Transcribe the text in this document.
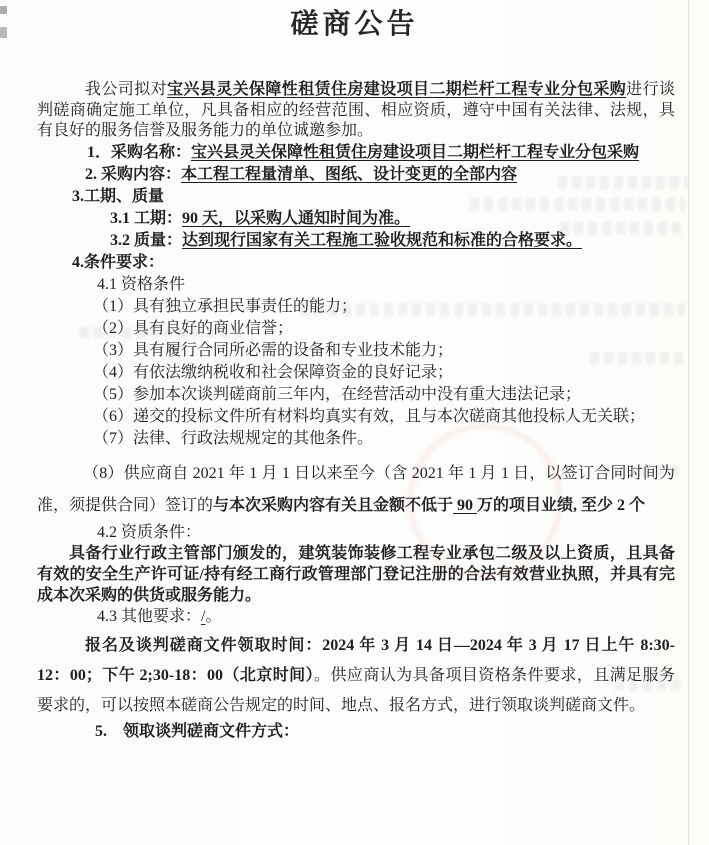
磋商公告

我公司拟对宝兴县灵关保障性租赁住房建设项目二期栏杆工程专业分包采购进行谈判磋商确定施工单位，凡具备相应的经营范围、相应资质，遵守中国有关法律、法规，具有良好的服务信誉及服务能力的单位诚邀参加。

1．采购名称：宝兴县灵关保障性租赁住房建设项目二期栏杆工程专业分包采购
2. 采购内容：本工程工程量清单、图纸、设计变更的全部内容
3.工期、质量
3.1 工期：90 天，以采购人通知时间为准。
3.2 质量：达到现行国家有关工程施工验收规范和标准的合格要求。
4.条件要求：
4.1 资格条件
（1）具有独立承担民事责任的能力；
（2）具有良好的商业信誉；
（3）具有履行合同所必需的设备和专业技术能力；
（4）有依法缴纳税收和社会保障资金的良好记录；
（5）参加本次谈判磋商前三年内，在经营活动中没有重大违法记录；
（6）递交的投标文件所有材料均真实有效，且与本次磋商其他投标人无关联；
（7）法律、行政法规规定的其他条件。

（8）供应商自 2021 年 1 月 1 日以来至今（含 2021 年 1 月 1 日，以签订合同时间为准，须提供合同）签订的与本次采购内容有关且金额不低于 90 万的项目业绩, 至少 2 个

4.2 资质条件：

具备行业行政主管部门颁发的，建筑装饰装修工程专业承包二级及以上资质，且具备有效的安全生产许可证/持有经工商行政管理部门登记注册的合法有效营业执照，并具有完成本次采购的供货或服务能力。

4.3 其他要求：/。

报名及谈判磋商文件领取时间：2024 年 3 月 14 日—2024 年 3 月 17 日上午 8:30-12：00；下午 2;30-18：00（北京时间）。供应商认为具备项目资格条件要求，且满足服务要求的，可以按照本磋商公告规定的时间、地点、报名方式，进行领取谈判磋商文件。

5.　领取谈判磋商文件方式：
